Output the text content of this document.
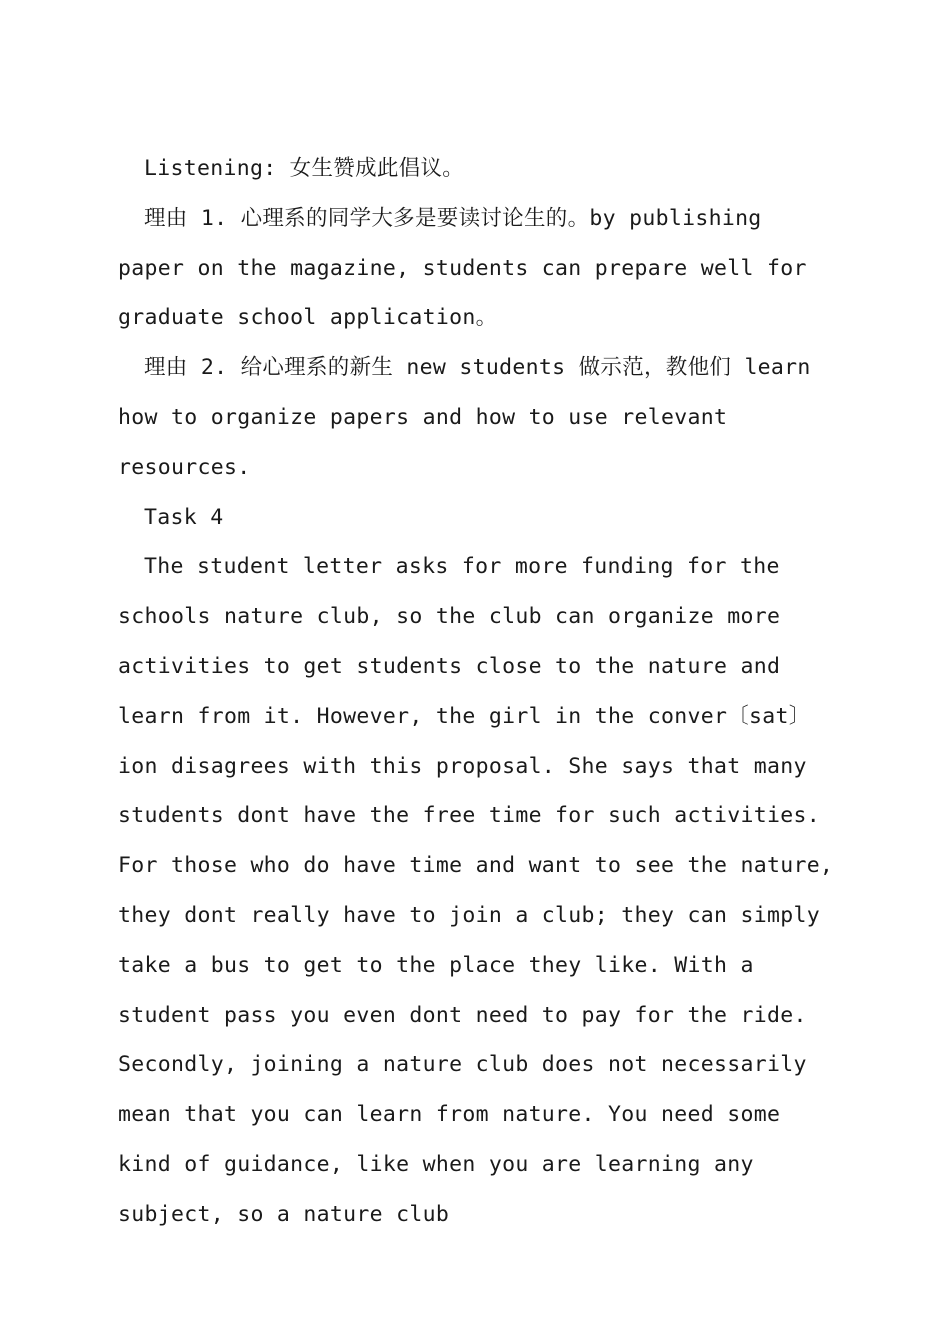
Listening: 女生赞成此倡议。

理由 1. 心理系的同学大多是要读讨论生的。by publishing paper on the magazine, students can prepare well for graduate school application。

理由 2. 给心理系的新生 new students 做示范，教他们 learn how to organize papers and how to use relevant resources.

Task 4

The student letter asks for more funding for the schools nature club, so the club can organize more activities to get students close to the nature and learn from it. However, the girl in the conver〔sat〕ion disagrees with this proposal. She says that many students dont have the free time for such activities. For those who do have time and want to see the nature, they dont really have to join a club; they can simply take a bus to get to the place they like. With a student pass you even dont need to pay for the ride. Secondly, joining a nature club does not necessarily mean that you can learn from nature. You need some kind of guidance, like when you are learning any subject, so a nature club
